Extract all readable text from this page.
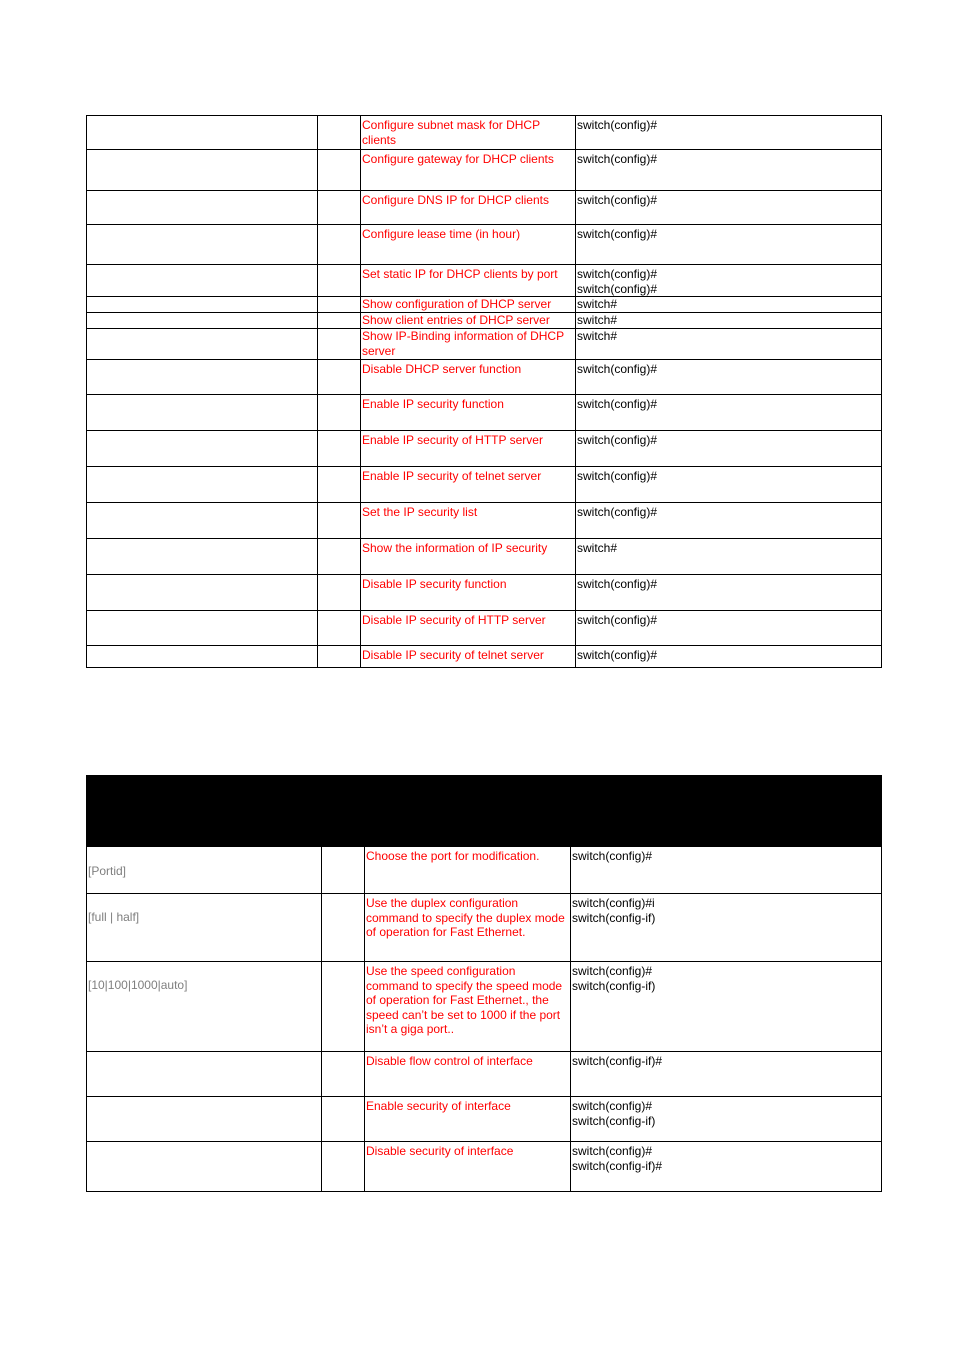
		Configure subnet mask for DHCP clients	switch(config)#

		Configure gateway for DHCP clients	switch(config)#

		Configure DNS IP for DHCP clients	switch(config)#

		Configure lease time (in hour)	switch(config)#

		Set static IP for DHCP clients by port	switch(config)#
switch(config)#

		Show configuration of DHCP server	switch#

		Show client entries of DHCP server	switch#

		Show IP-Binding information of DHCP server	switch#

		Disable DHCP server function	switch(config)#

		Enable IP security function	switch(config)#

		Enable IP security of HTTP server	switch(config)#

		Enable IP security of telnet server	switch(config)#

		Set the IP security list	switch(config)#

		Show the information of IP security	switch#

		Disable IP security function	switch(config)#

		Disable IP security of HTTP server	switch(config)#

		Disable IP security of telnet server	switch(config)#

[Portid]		Choose the port for modification.	switch(config)#

[full | half]		Use the duplex configuration command to specify the duplex mode of operation for Fast Ethernet.	switch(config)#i
switch(config-if)

[10|100|1000|auto]		Use the speed configuration command to specify the speed mode of operation for Fast Ethernet., the speed can’t be set to 1000 if the port isn’t a giga port..	switch(config)#
switch(config-if)

		Disable flow control of interface	switch(config-if)#

		Enable security of interface	switch(config)#
switch(config-if)

		Disable security of interface	switch(config)#
switch(config-if)#
